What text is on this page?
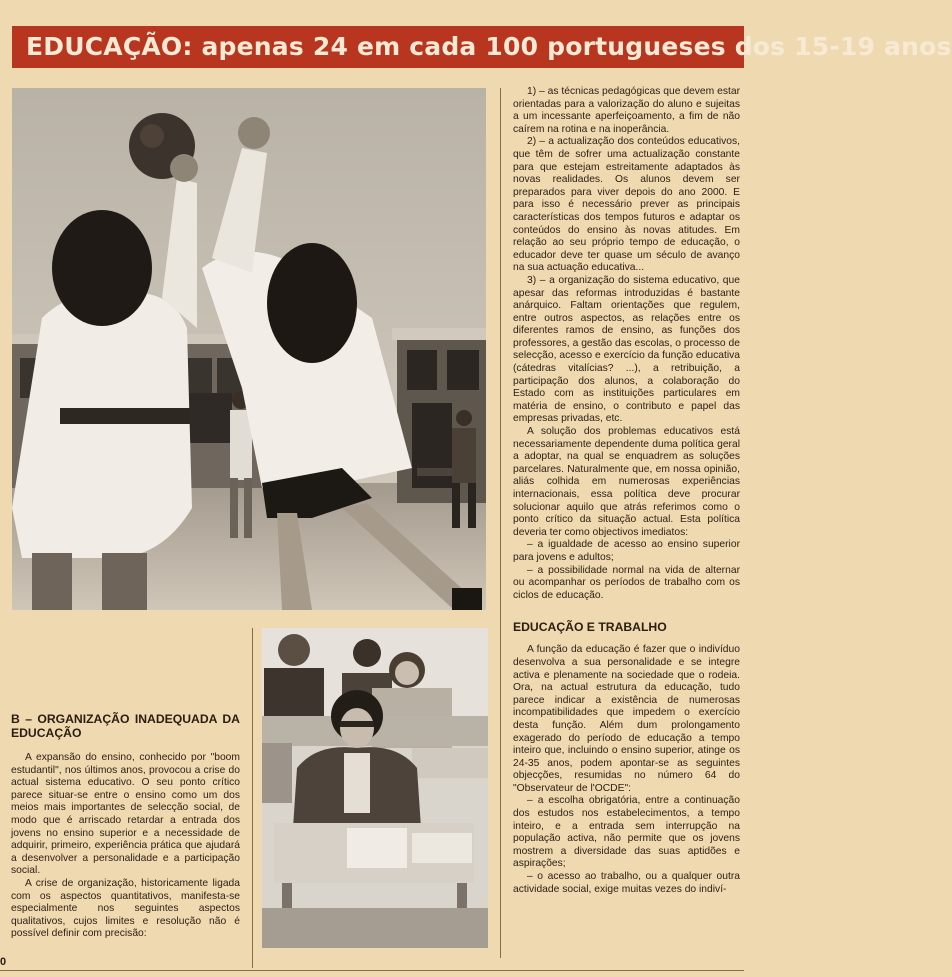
EDUCAÇÃO: apenas 24 em cada 100 portugueses dos 15-19 anos
B – ORGANIZAÇÃO INADEQUADA DA EDUCAÇÃO

A expansão do ensino, conhecido por "boom estudantil", nos últimos anos, provocou a crise do actual sistema educativo. O seu ponto crítico parece situar-se entre o ensino como um dos meios mais importantes de selecção social, de modo que é arriscado retardar a entrada dos jovens no ensino superior e a necessidade de adquirir, primeiro, experiência prática que ajudará a desenvolver a personalidade e a participação social.

A crise de organização, historicamente ligada com os aspectos quantitativos, manifesta-se especialmente nos seguintes aspectos qualitativos, cujos limites e resolução não é possível definir com precisão:

1) – as técnicas pedagógicas que devem estar orientadas para a valorização do aluno e sujeitas a um incessante aperfeiçoamento, a fim de não caírem na rotina e na inoperância.

2) – a actualização dos conteúdos educativos, que têm de sofrer uma actualização constante para que estejam estreitamente adaptados às novas realidades. Os alunos devem ser preparados para viver depois do ano 2000. E para isso é necessário prever as principais características dos tempos futuros e adaptar os conteúdos do ensino às novas atitudes. Em relação ao seu próprio tempo de educação, o educador deve ter quase um século de avanço na sua actuação educativa...

3) – a organização do sistema educativo, que apesar das reformas introduzidas é bastante anárquico. Faltam orientações que regulem, entre outros aspectos, as relações entre os diferentes ramos de ensino, as funções dos professores, a gestão das escolas, o processo de selecção, acesso e exercício da função educativa (cátedras vitalícias? ...), a retribuição, a participação dos alunos, a colaboração do Estado com as instituições particulares em matéria de ensino, o contributo e papel das empresas privadas, etc.

A solução dos problemas educativos está necessariamente dependente duma política geral a adoptar, na qual se enquadrem as soluções parcelares. Naturalmente que, em nossa opinião, aliás colhida em numerosas experiências internacionais, essa política deve procurar solucionar aquilo que atrás referimos como o ponto crítico da situação actual. Esta política deveria ter como objectivos imediatos:

– a igualdade de acesso ao ensino superior para jovens e adultos;

– a possibilidade normal na vida de alternar ou acompanhar os períodos de trabalho com os ciclos de educação.

EDUCAÇÃO E TRABALHO

A função da educação é fazer que o indivíduo desenvolva a sua personalidade e se integre activa e plenamente na sociedade que o rodeia. Ora, na actual estrutura da educação, tudo parece indicar a existência de numerosas incompatibilidades que impedem o exercício desta função. Além dum prolongamento exagerado do período de educação a tempo inteiro que, incluindo o ensino superior, atinge os 24-35 anos, podem apontar-se as seguintes objecções, resumidas no número 64 do "Observateur de l'OCDE":

– a escolha obrigatória, entre a continuação dos estudos nos estabelecimentos, a tempo inteiro, e a entrada sem interrupção na população activa, não permite que os jovens mostrem a diversidade das suas aptidões e aspirações;

– o acesso ao trabalho, ou a qualquer outra actividade social, exige muitas vezes do indiví-

0
